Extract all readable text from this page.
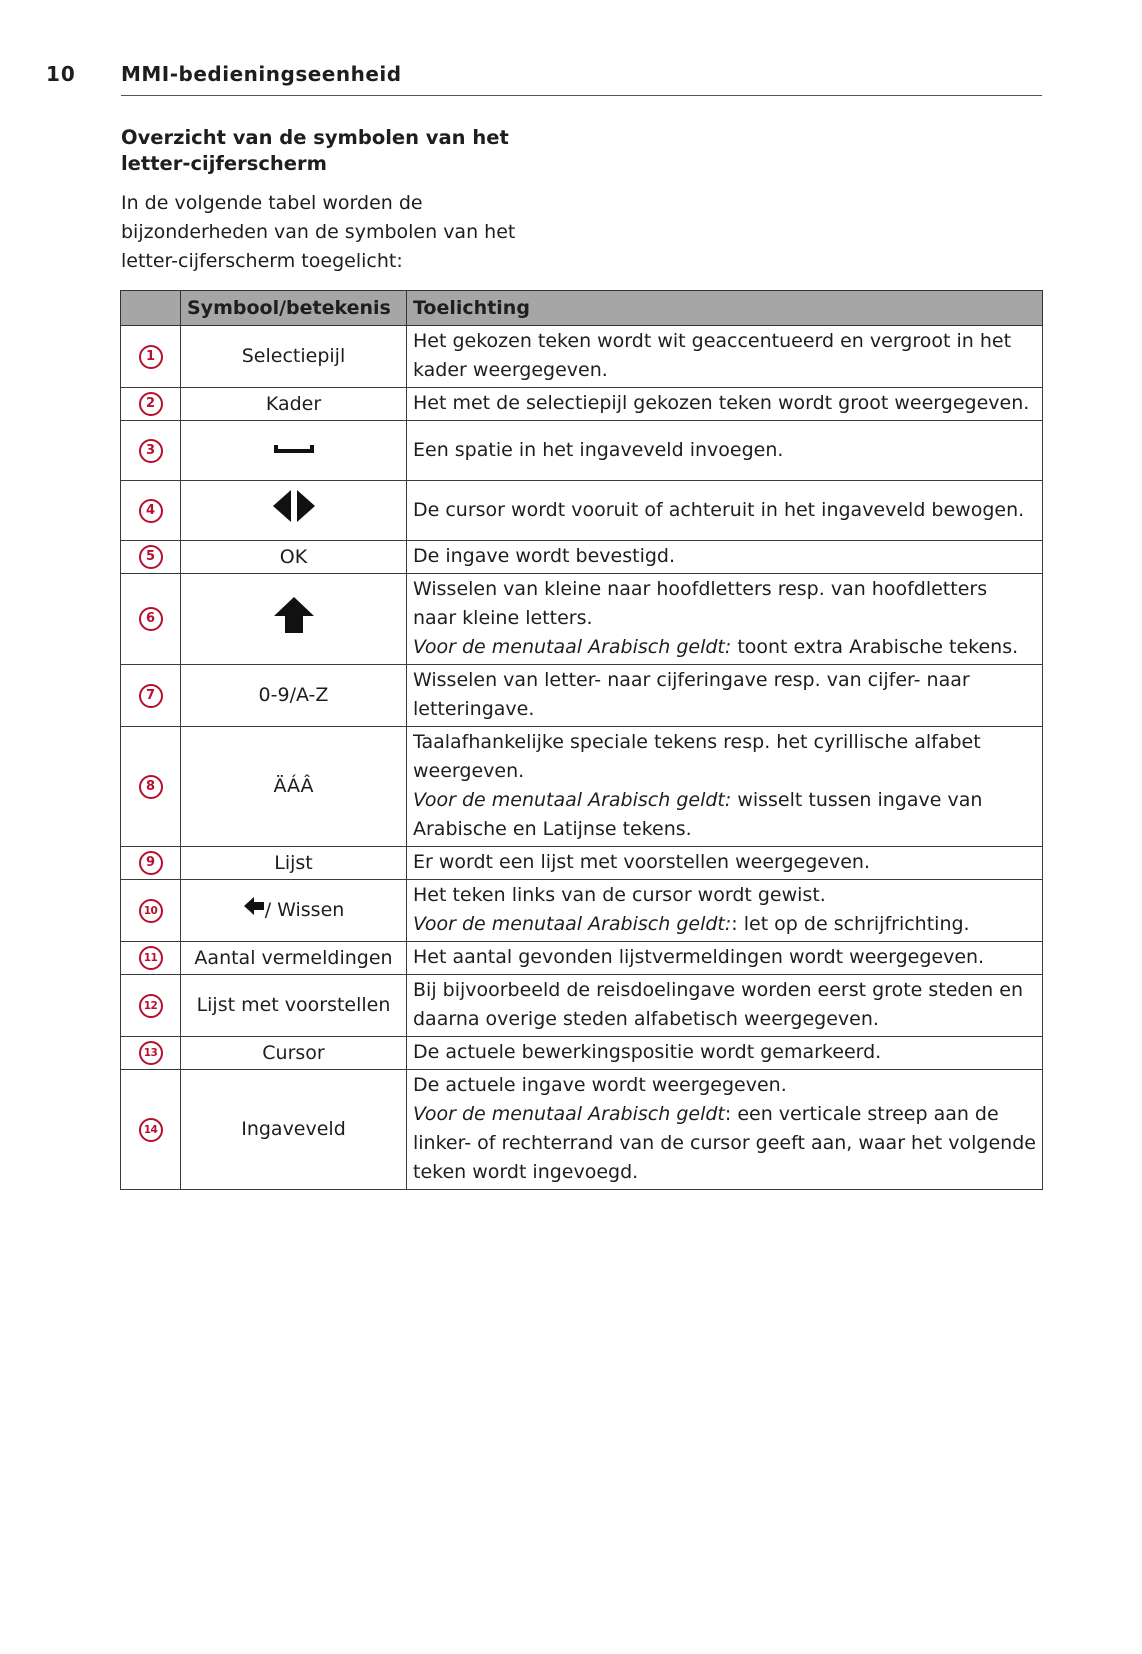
10 MMI-bedieningseenheid
Overzicht van de symbolen van het letter-cijferscherm
In de volgende tabel worden de bijzonderheden van de symbolen van het letter-cijferscherm toegelicht:
	Symbool/betekenis	Toelichting
1	Selectiepijl	Het gekozen teken wordt wit geaccentueerd en vergroot in het kader weergegeven.

2	Kader	Het met de selectiepijl gekozen teken wordt groot weergegeven.

3		Een spatie in het ingaveveld invoegen.

4		De cursor wordt vooruit of achteruit in het ingaveveld bewogen.

5	OK	De ingave wordt bevestigd.

6		Wisselen van kleine naar hoofdletters resp. van hoofdletters naar kleine letters.
Voor de menutaal Arabisch geldt: toont extra Arabische tekens.

7	0-9/A-Z	Wisselen van letter- naar cijferingave resp. van cijfer- naar letteringave.

8	ÄÁÂ	Taalafhankelijke speciale tekens resp. het cyrillische alfabet weergeven.
Voor de menutaal Arabisch geldt: wisselt tussen ingave van Arabische en Latijnse tekens.

9	Lijst	Er wordt een lijst met voorstellen weergegeven.

10	/ Wissen	Het teken links van de cursor wordt gewist.
Voor de menutaal Arabisch geldt:: let op de schrijfrichting.

11	Aantal vermeldingen	Het aantal gevonden lijstvermeldingen wordt weergegeven.

12	Lijst met voorstellen	Bij bijvoorbeeld de reisdoelingave worden eerst grote steden en daarna overige steden alfabetisch weergegeven.

13	Cursor	De actuele bewerkingspositie wordt gemarkeerd.

14	Ingaveveld	De actuele ingave wordt weergegeven.
Voor de menutaal Arabisch geldt: een verticale streep aan de linker- of rechterrand van de cursor geeft aan, waar het volgende teken wordt ingevoegd.
